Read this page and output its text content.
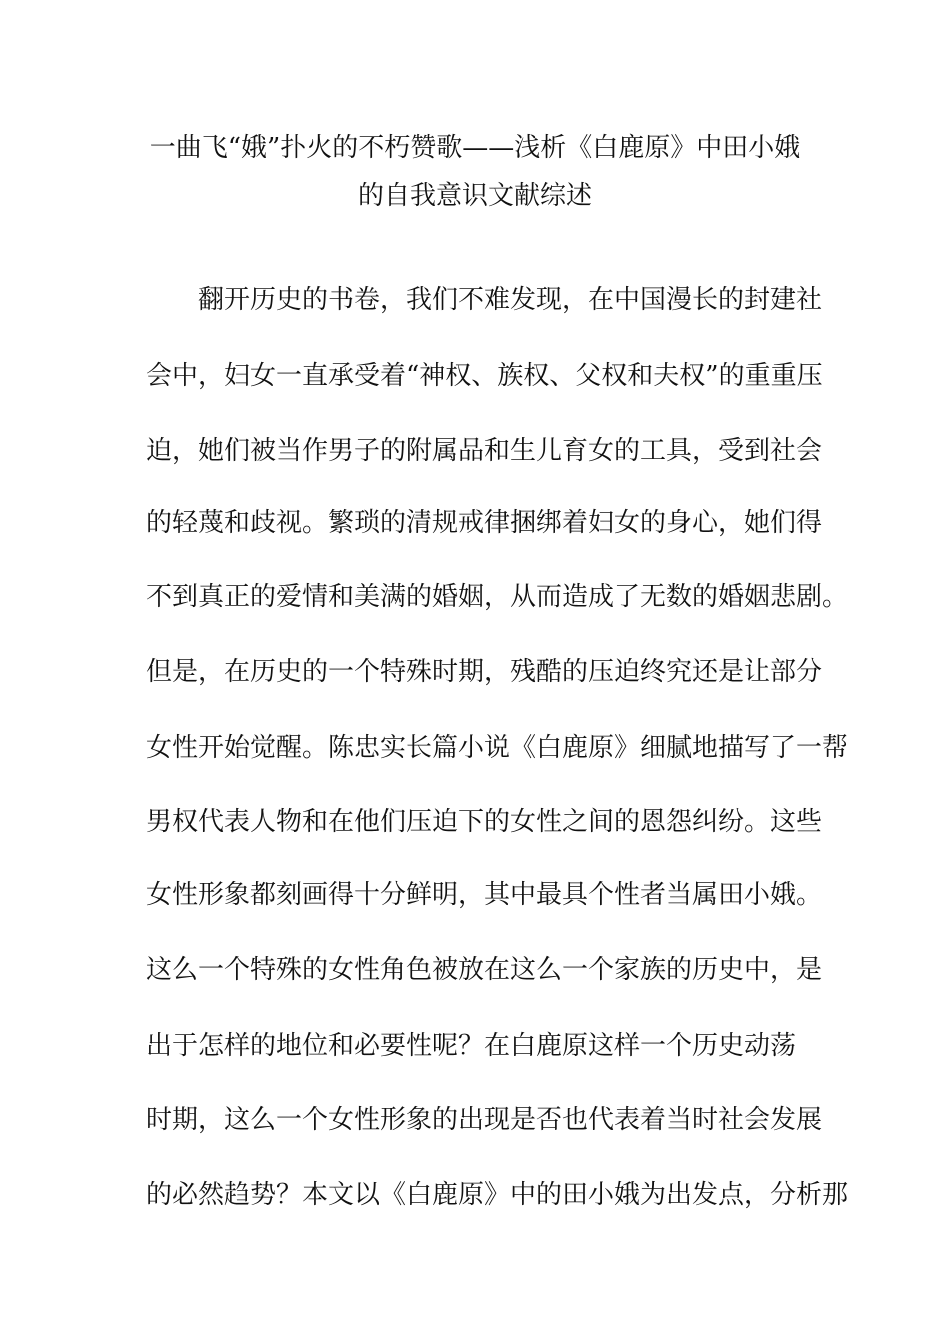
一曲飞“娥”扑火的不朽赞歌——浅析《白鹿原》中田小娥
的自我意识文献综述
翻开历史的书卷，我们不难发现，在中国漫长的封建社
会中，妇女一直承受着“神权、族权、父权和夫权”的重重压
迫，她们被当作男子的附属品和生儿育女的工具，受到社会
的轻蔑和歧视。繁琐的清规戒律捆绑着妇女的身心，她们得
不到真正的爱情和美满的婚姻，从而造成了无数的婚姻悲剧。
但是，在历史的一个特殊时期，残酷的压迫终究还是让部分
女性开始觉醒。陈忠实长篇小说《白鹿原》细腻地描写了一帮
男权代表人物和在他们压迫下的女性之间的恩怨纠纷。这些
女性形象都刻画得十分鲜明，其中最具个性者当属田小娥。
这么一个特殊的女性角色被放在这么一个家族的历史中，是
出于怎样的地位和必要性呢？在白鹿原这样一个历史动荡
时期，这么一个女性形象的出现是否也代表着当时社会发展
的必然趋势？本文以《白鹿原》中的田小娥为出发点，分析那
